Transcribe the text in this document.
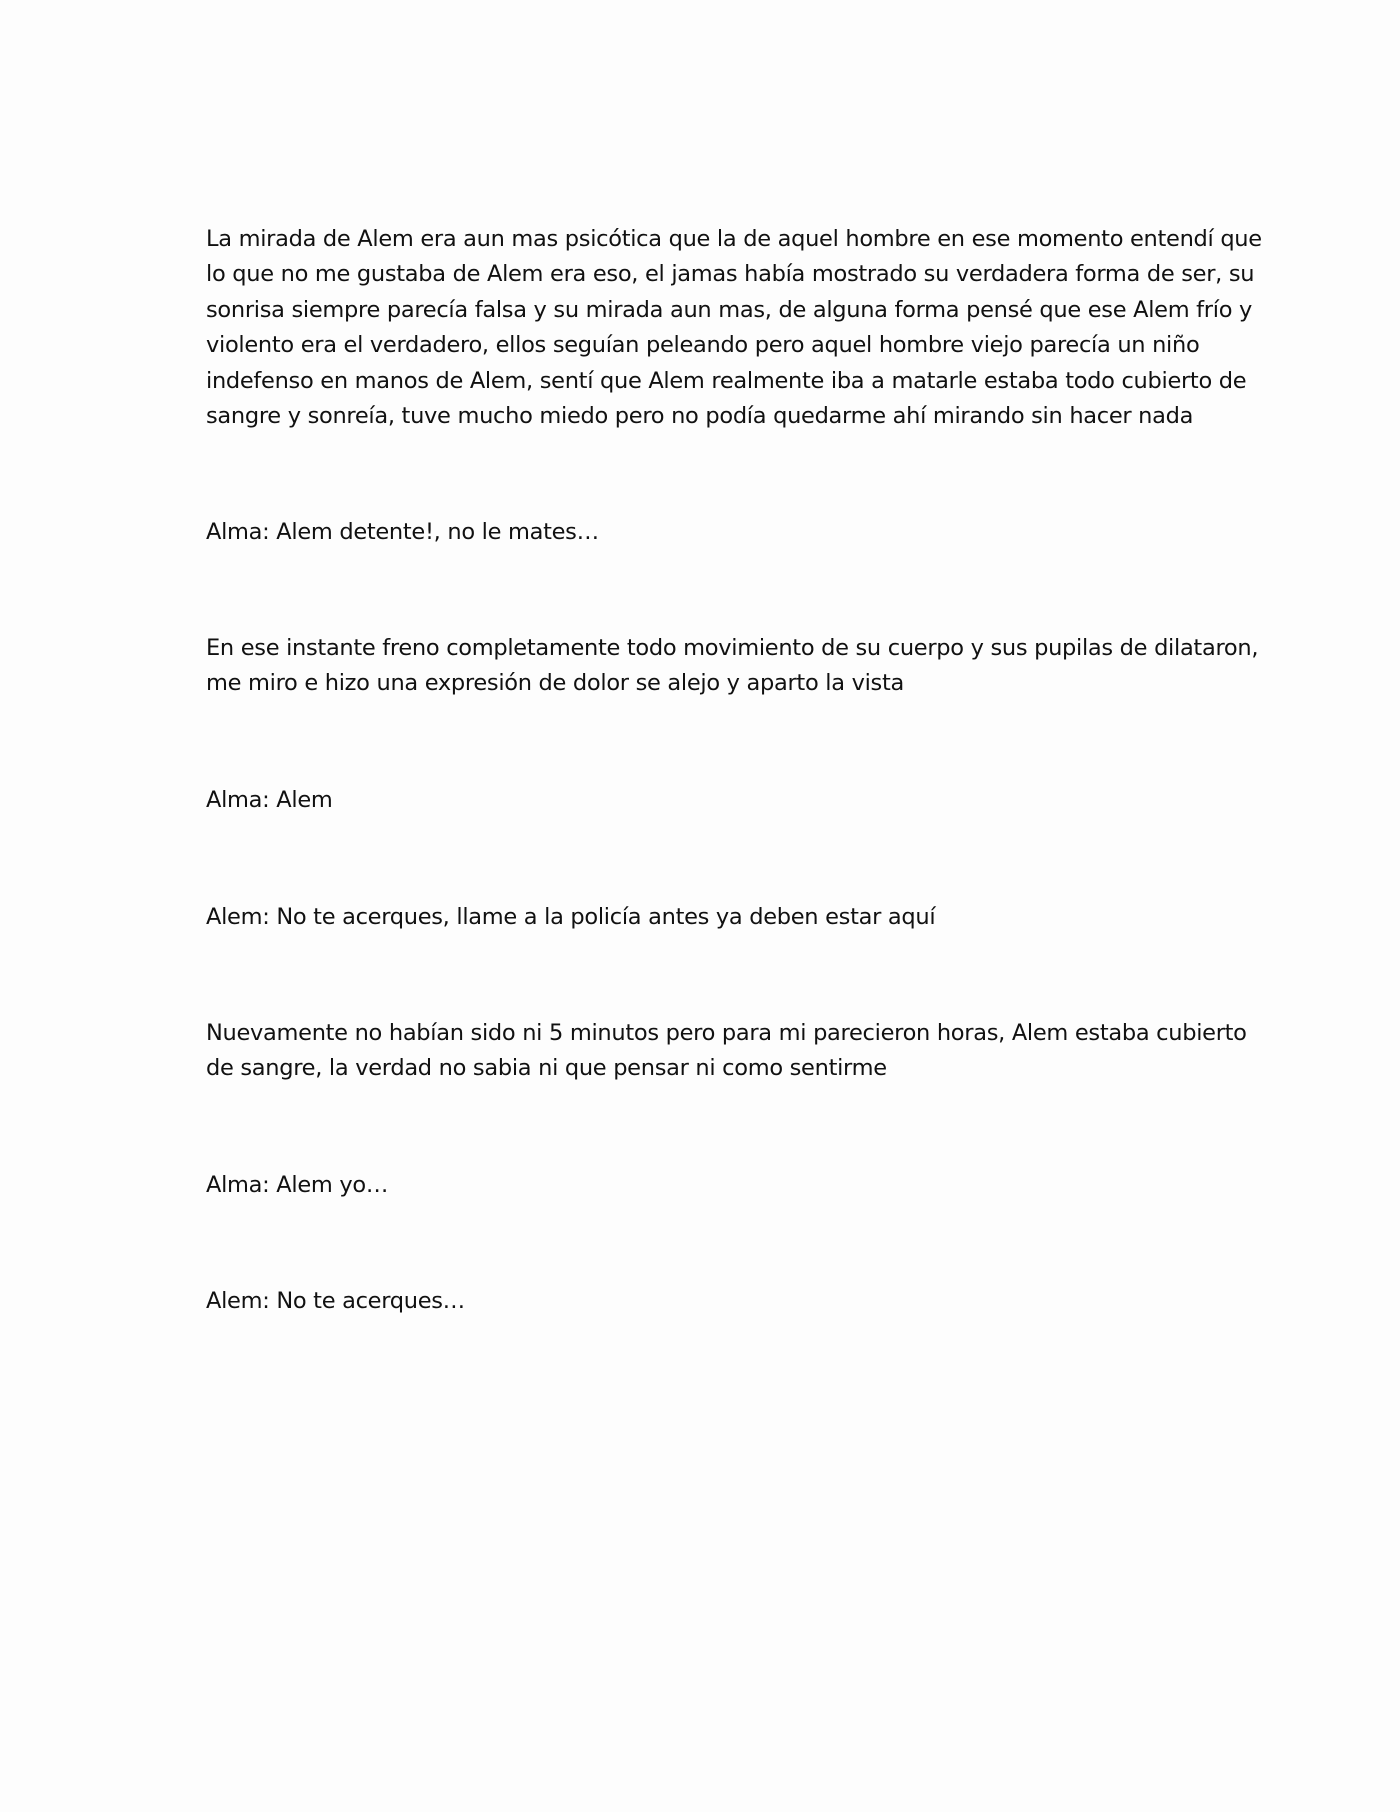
La mirada de Alem era aun mas psicótica que la de aquel hombre en ese momento entendí que
lo que no me gustaba de Alem era eso, el jamas había mostrado su verdadera forma de ser, su
sonrisa siempre parecía falsa y su mirada aun mas, de alguna forma pensé que ese Alem frío y
violento era el verdadero, ellos seguían peleando pero aquel hombre viejo parecía un niño
indefenso en manos de Alem, sentí que Alem realmente iba a matarle estaba todo cubierto de
sangre y sonreía, tuve mucho miedo pero no podía quedarme ahí mirando sin hacer nada
Alma: Alem detente!, no le mates…
En ese instante freno completamente todo movimiento de su cuerpo y sus pupilas de dilataron,
me miro e hizo una expresión de dolor se alejo y aparto la vista
Alma: Alem
Alem: No te acerques, llame a la policía antes ya deben estar aquí
Nuevamente no habían sido ni 5 minutos pero para mi parecieron horas, Alem estaba cubierto
de sangre, la verdad no sabia ni que pensar ni como sentirme
Alma: Alem yo…
Alem: No te acerques…
